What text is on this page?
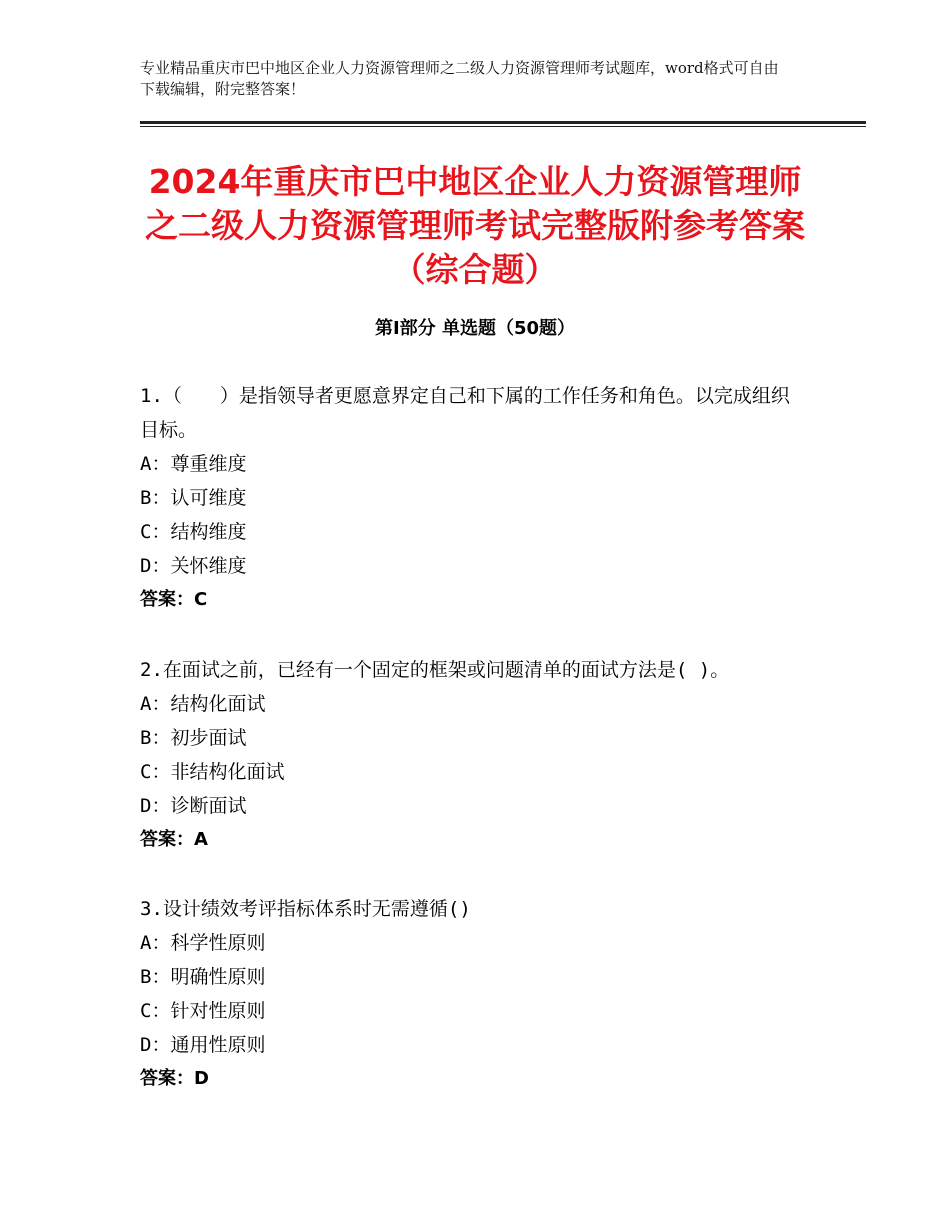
专业精品重庆市巴中地区企业人力资源管理师之二级人力资源管理师考试题库，word格式可自由下载编辑，附完整答案！
2024年重庆市巴中地区企业人力资源管理师之二级人力资源管理师考试完整版附参考答案（综合题）
第Ⅰ部分 单选题（50题）

1.（　　）是指领导者更愿意界定自己和下属的工作任务和角色。以完成组织目标。

A：尊重维度

B：认可维度

C：结构维度

D：关怀维度

答案：C

2.在面试之前，已经有一个固定的框架或问题清单的面试方法是( )。

A：结构化面试

B：初步面试

C：非结构化面试

D：诊断面试

答案：A

3.设计绩效考评指标体系时无需遵循()

A：科学性原则

B：明确性原则

C：针对性原则

D：通用性原则

答案：D
